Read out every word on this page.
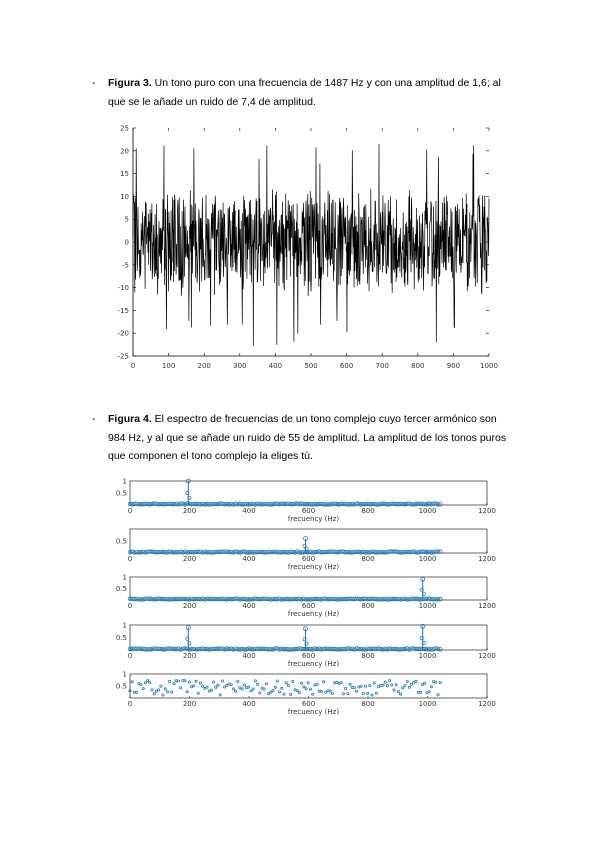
- Figura 3. Un tono puro con una frecuencia de 1487 Hz y con una amplitud de 1,6; al que se le añade un ruido de 7,4 de amplitud.
- Figura 4. El espectro de frecuencias de un tono complejo cuyo tercer armónico son 984 Hz, y al que se añade un ruido de 55 de amplitud. La amplitud de los tonos puros que componen el tono complejo la eliges tú.
25
20
15
10
5
0
-5
-10
-15
-20
-25
0	100	200	300	400	500	600	700	800	900	1000
0	200	400	600	800	1000	1200
1
0.5
frecuency (Hz)
0	200	400	600	800	1000	1200
0.5
frecuency (Hz)
0	200	400	600	800	1000	1200
1
0.5
frecuency (Hz)
0	200	400	600	800	1000	1200
1
0.5
frecuency (Hz)
0	200	400	600	800	1000	1200
1
0.5
frecuency (Hz)
